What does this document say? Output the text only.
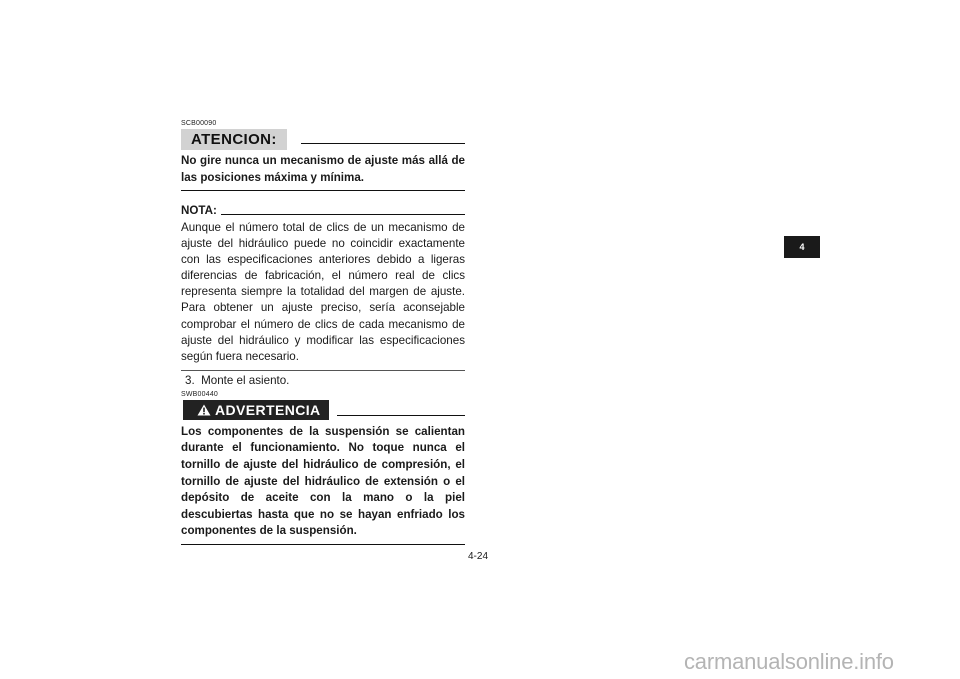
SCB00090
ATENCION:
No gire nunca un mecanismo de ajuste más allá de las posiciones máxima y mínima.
NOTA:
Aunque el número total de clics de un mecanismo de ajuste del hidráulico puede no coincidir exactamente con las especificaciones anteriores debido a ligeras diferencias de fabricación, el número real de clics representa siempre la totalidad del margen de ajuste. Para obtener un ajuste preciso, sería aconsejable comprobar el número de clics de cada mecanismo de ajuste del hidráulico y modificar las especificaciones según fuera necesario.
3.  Monte el asiento.
SWB00440
ADVERTENCIA
Los componentes de la suspensión se calientan durante el funcionamiento. No toque nunca el tornillo de ajuste del hidráulico de compresión, el tornillo de ajuste del hidráulico de extensión o el depósito de aceite con la mano o la piel descubiertas hasta que no se hayan enfriado los componentes de la suspensión.
4-24
4
carmanualsonline.info
